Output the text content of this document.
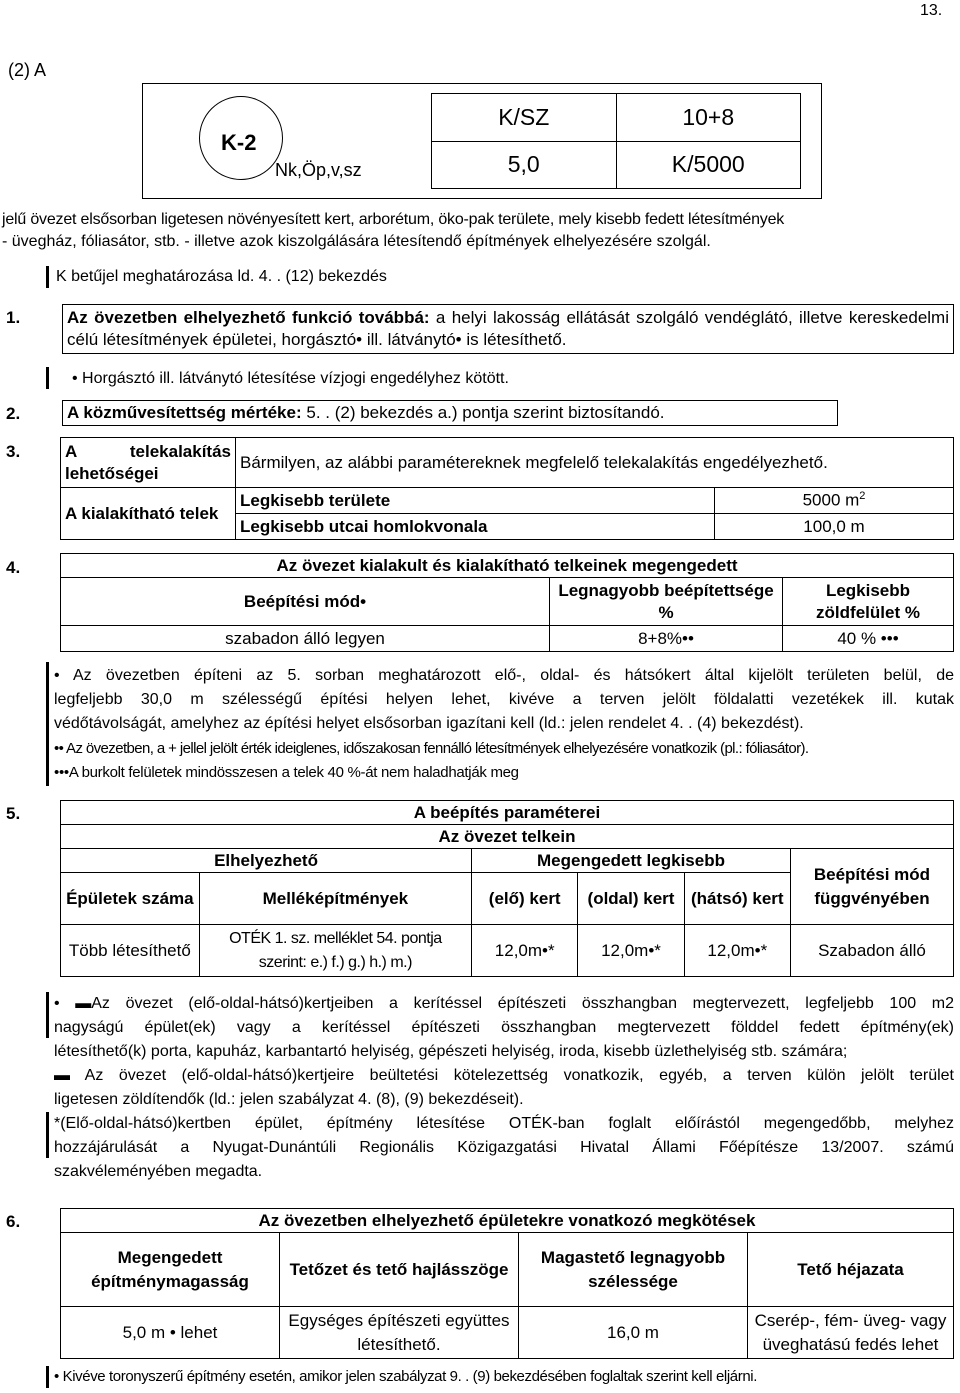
13.
(2) A
K-2
Nk,Öp,v,sz
K/SZ	10+8
5,0	K/5000
jelű övezet elsősorban ligetesen növényesített kert, arborétum, öko-pak területe, mely kisebb fedett létesítmények
- üvegház, fóliasátor, stb. - illetve azok kiszolgálására létesítendő építmények elhelyezésére szolgál.
K betűjel meghatározása ld. 4. . (12) bekezdés
1.	Az övezetben elhelyezhető funkció továbbá: a helyi lakosság ellátását szolgáló vendéglátó, illetve kereskedelmi célú létesítmények épületei, horgásztó• ill. látványtó• is létesíthető.
• Horgásztó ill. látványtó létesítése vízjogi engedélyhez kötött.
2.	A közművesítettség mértéke: 5. . (2) bekezdés a.) pontja szerint biztosítandó.
3.	A telekalakítás lehetőségei	Bármilyen, az alábbi paramétereknek megfelelő telekalakítás engedélyezhető.	
A kialakítható telek	Legkisebb területe	5000 $m^2$
	Legkisebb utcai homlokvonala	100,0 m
4.	Az övezet kialakult és kialakítható telkeinek megengedett		
Beépítési mód•	Legnagyobb beépítettsége %	Legkisebb zöldfelület %
szabadon álló legyen	8+8%••	40 % •••
• Az övezetben építeni az 5. sorban meghatározott elő-, oldal- és hátsókert által kijelölt területen belül, de
legfeljebb 30,0 m szélességű építési helyen lehet, kivéve a terven jelölt földalatti vezetékek ill. kutak
védőtávolságát, amelyhez az építési helyet elsősorban igazítani kell (ld.: jelen rendelet 4. . (4) bekezdést).
•• Az övezetben, a + jellel jelölt érték ideiglenes, időszakosan fennálló létesítmények elhelyezésére vonatkozik (pl.: fóliasátor).
•••A burkolt felületek mindösszesen a telek 40 %-át nem haladhatják meg
5.	A beépítés paraméterei					
Az övezet telkein					
Elhelyezhető		Megengedett legkisebb			Beépítési mód függvényében
Épületek száma	Melléképítmények	(elő) kert	(oldal) kert	(hátsó) kert	
Több létesíthető	OTÉK 1. sz. melléklet 54. pontja szerint: e.) f.) g.) h.) m.)	12,0m•*	12,0m•*	12,0m•*	Szabadon álló
• ▬Az övezet (elő-oldal-hátsó)kertjeiben a kerítéssel építészeti összhangban megtervezett, legfeljebb 100 m2
nagyságú épület(ek) vagy a kerítéssel építészeti összhangban megtervezett földdel fedett építmény(ek)
létesíthető(k) porta, kapuház, karbantartó helyiség, gépészeti helyiség, iroda, kisebb üzlethelyiség stb. számára;
▬ Az övezet (elő-oldal-hátsó)kertjeire beültetési kötelezettség vonatkozik, egyéb, a terven külön jelölt terület
ligetesen zöldítendők (ld.: jelen szabályzat 4. (8), (9) bekezdéseit).
*(Elő-oldal-hátsó)kertben épület, építmény létesítése OTÉK-ban foglalt előírástól megengedőbb, melyhez
hozzájárulását a Nyugat-Dunántúli Regionális Közigazgatási Hivatal Állami Főépítésze 13/2007. számú
szakvéleményében megadta.
6.	Az övezetben elhelyezhető épületekre vonatkozó megkötések			
Megengedett építménymagasság	Tetőzet és tető hajlásszöge	Magastető legnagyobb szélessége	Tető héjazata
5,0 m • lehet	Egységes építészeti együttes létesíthető.	16,0 m	Cserép-, fém- üveg- vagy üveghatású fedés lehet
• Kivéve toronyszerű építmény esetén, amikor jelen szabályzat 9. . (9) bekezdésében foglaltak szerint kell eljárni.
